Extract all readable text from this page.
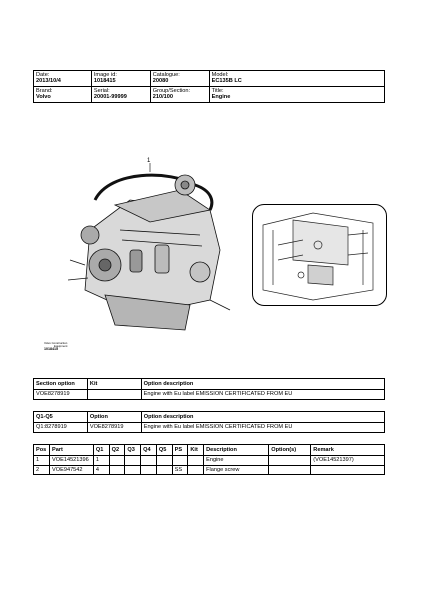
Date:
2013/10/4	Image id:
1018415	Catalogue:
20080	Model:
EC135B LC

Brand:
Volvo	Serial:
20001-99999	Group/Section:
210/100	Title:
Engine
1
Volvo Construction
Equipment
1018415
Section option	Kit	Option description
VOE8278919		Engine with Eu label EMISSION CERTIFICATED FROM EU
Q1-Q5	Option	Option description
Q1:8278919	VOE8278919	Engine with Eu label EMISSION CERTIFICATED FROM EU
Pos	Part	Q1	Q2	Q3	Q4	Q5	PS	Kit	Description	Option(s)	Remark
1	VOE14521396	1							Engine		(VOE14521397)
2	VOE947542	4					SS		Flange screw		
